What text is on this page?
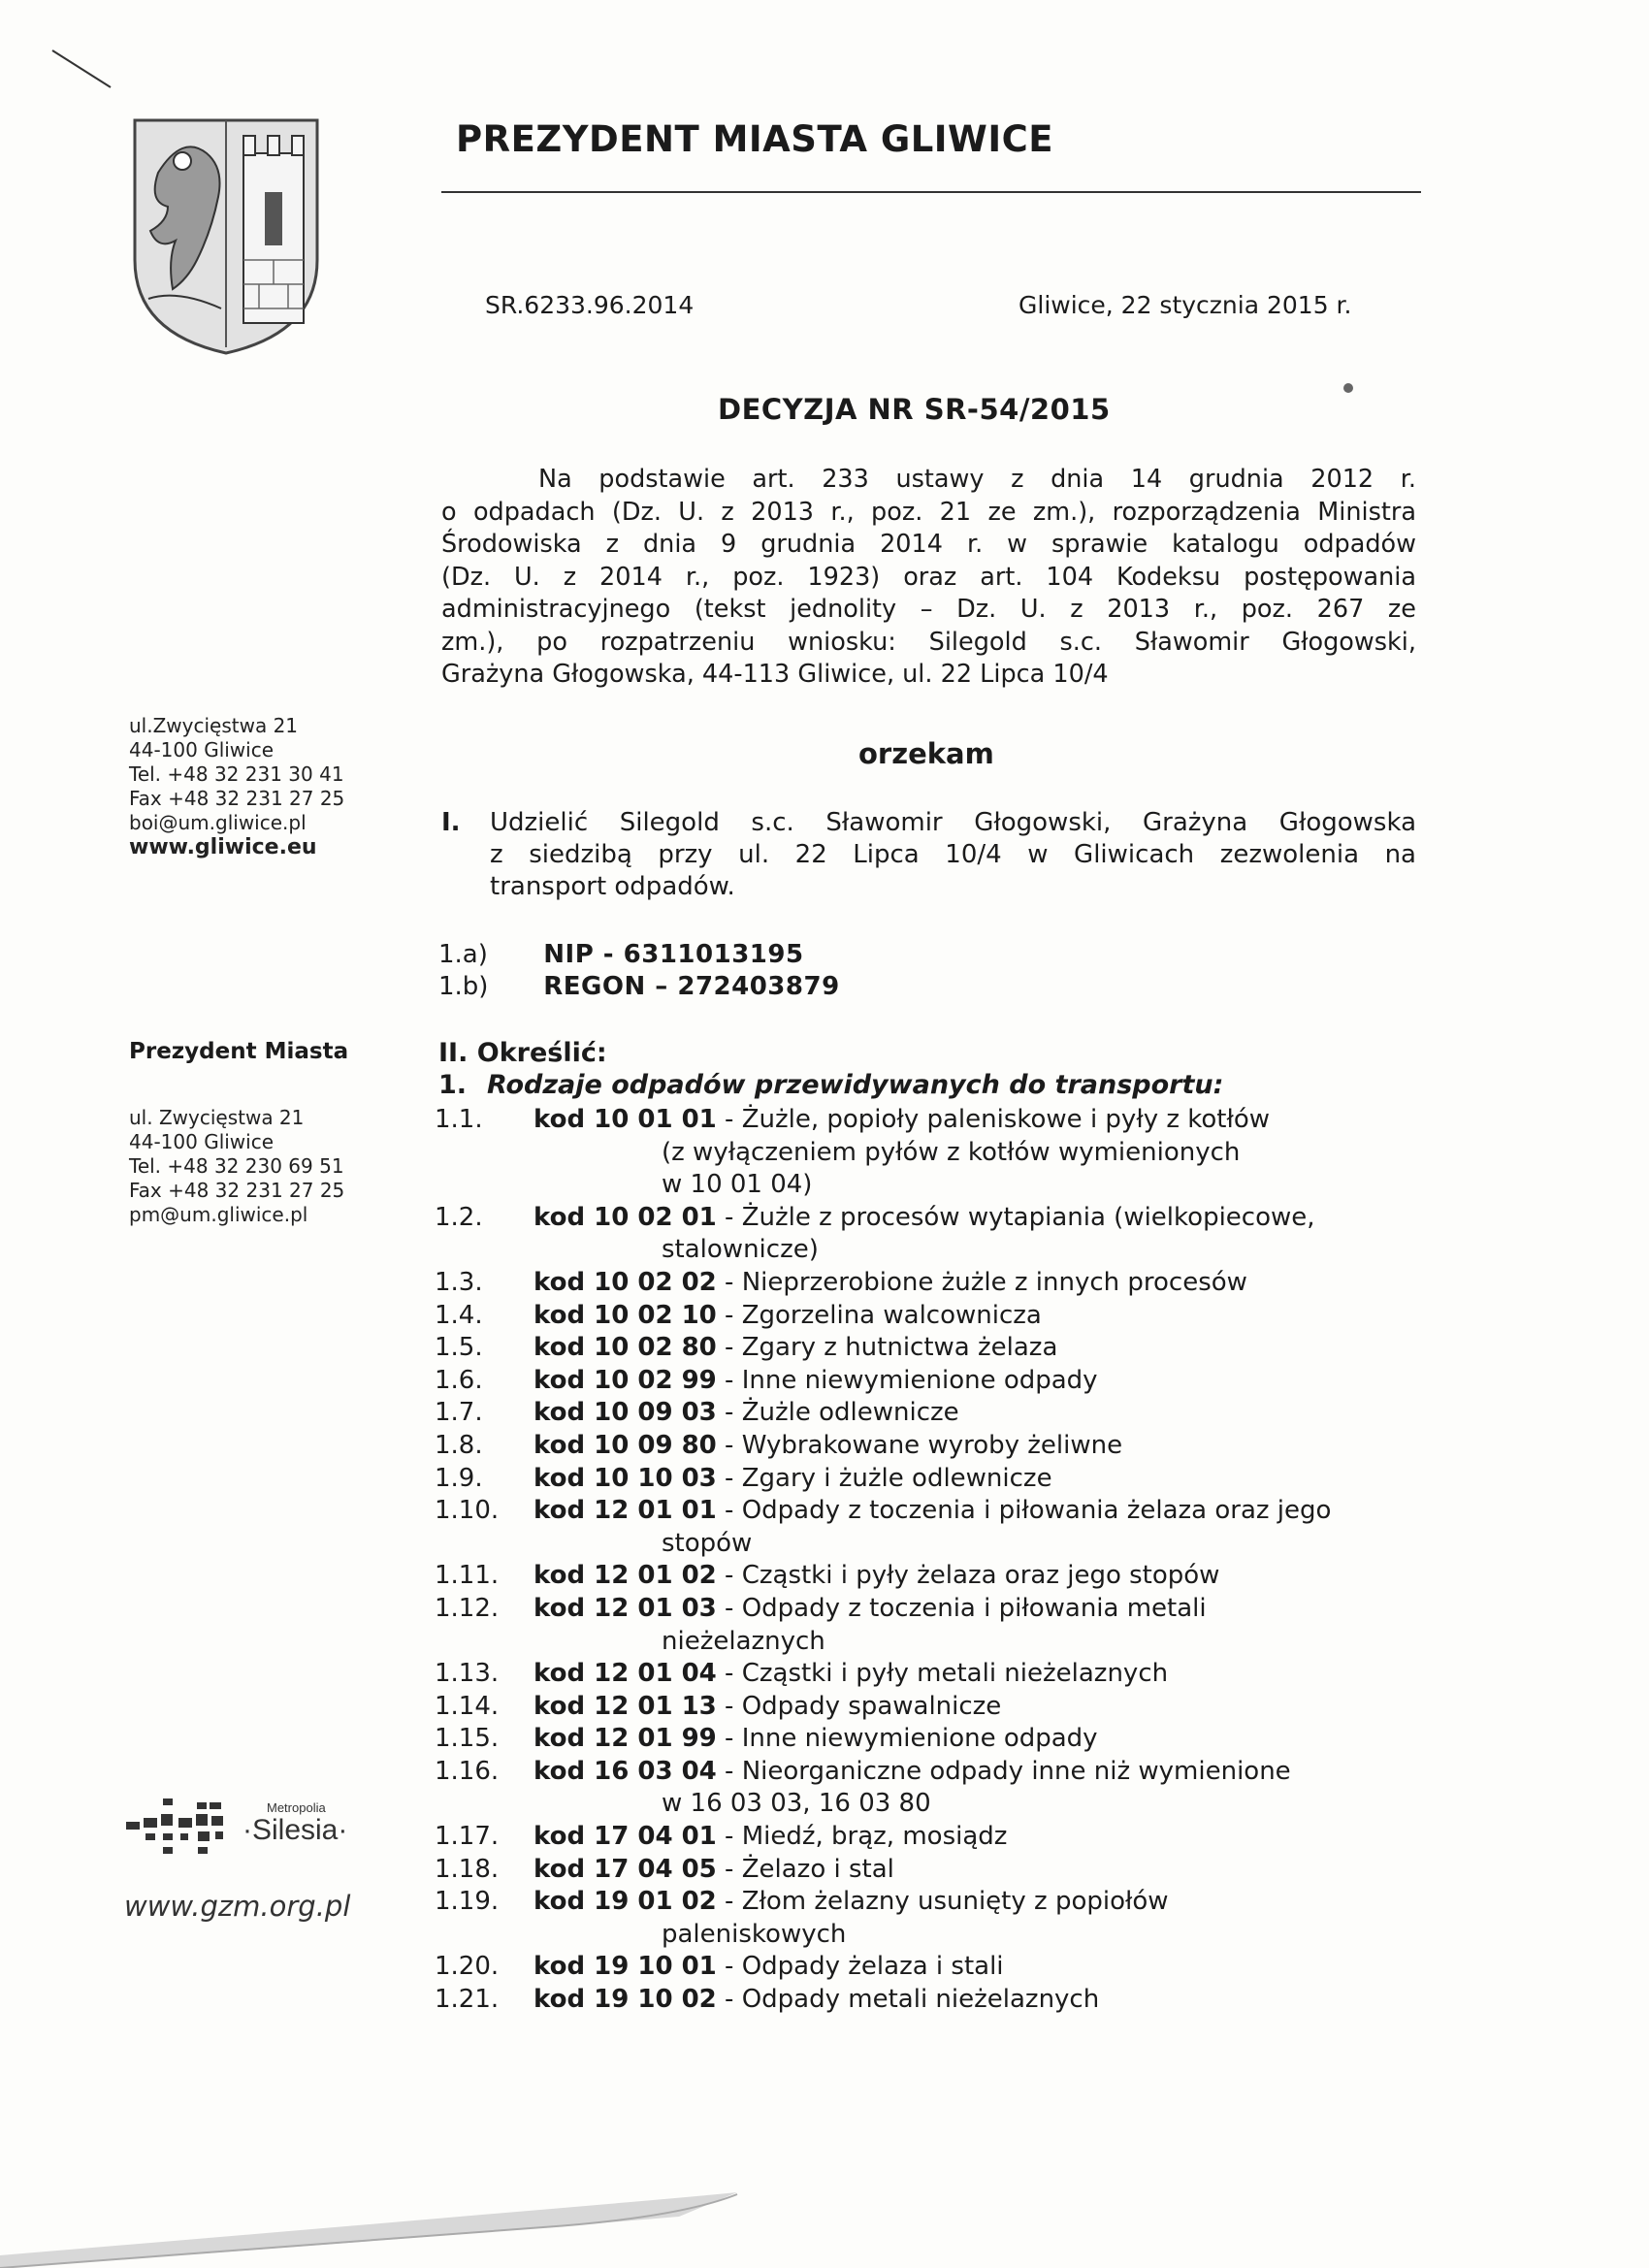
PREZYDENT MIASTA GLIWICE
SR.6233.96.2014	Gliwice, 22 stycznia 2015 r.
DECYZJA NR SR-54/2015
Na podstawie art. 233 ustawy z dnia 14 grudnia 2012 r.
o odpadach (Dz. U. z 2013 r., poz. 21 ze zm.), rozporządzenia Ministra
Środowiska z dnia 9 grudnia 2014 r. w sprawie katalogu odpadów
(Dz. U. z 2014 r., poz. 1923) oraz art. 104 Kodeksu postępowania
administracyjnego (tekst jednolity – Dz. U. z 2013 r., poz. 267 ze
zm.), po rozpatrzeniu wniosku: Silegold s.c. Sławomir Głogowski,
Grażyna Głogowska, 44-113 Gliwice, ul. 22 Lipca 10/4
orzekam
ul.Zwycięstwa 21
44-100 Gliwice
Tel. +48 32 231 30 41
Fax +48 32 231 27 25
boi@um.gliwice.pl
www.gliwice.eu
Prezydent Miasta
ul. Zwycięstwa 21
44-100 Gliwice
Tel. +48 32 230 69 51
Fax +48 32 231 27 25
pm@um.gliwice.pl
Metropolia
·Silesia·
www.gzm.org.pl
I. Udzielić Silegold s.c. Sławomir Głogowski, Grażyna Głogowska
z siedzibą przy ul. 22 Lipca 10/4 w Gliwicach zezwolenia na
transport odpadów.
1.a) NIP - 6311013195
1.b) REGON – 272403879
II. Określić:
1. Rodzaje odpadów przewidywanych do transportu:
1.1.	kod 10 01 01 - Żużle, popioły paleniskowe i pyły z kotłów
(z wyłączeniem pyłów z kotłów wymienionych
w 10 01 04)
1.2.	kod 10 02 01 - Żużle z procesów wytapiania (wielkopiecowe,
stalownicze)
1.3.	kod 10 02 02 - Nieprzerobione żużle z innych procesów
1.4.	kod 10 02 10 - Zgorzelina walcownicza
1.5.	kod 10 02 80 - Zgary z hutnictwa żelaza
1.6.	kod 10 02 99 - Inne niewymienione odpady
1.7.	kod 10 09 03 - Żużle odlewnicze
1.8.	kod 10 09 80 - Wybrakowane wyroby żeliwne
1.9.	kod 10 10 03 - Zgary i żużle odlewnicze
1.10.	kod 12 01 01 - Odpady z toczenia i piłowania żelaza oraz jego
stopów
1.11.	kod 12 01 02 - Cząstki i pyły żelaza oraz jego stopów
1.12.	kod 12 01 03 - Odpady z toczenia i piłowania metali
nieżelaznych
1.13.	kod 12 01 04 - Cząstki i pyły metali nieżelaznych
1.14.	kod 12 01 13 - Odpady spawalnicze
1.15.	kod 12 01 99 - Inne niewymienione odpady
1.16.	kod 16 03 04 - Nieorganiczne odpady inne niż wymienione
w 16 03 03, 16 03 80
1.17.	kod 17 04 01 - Miedź, brąz, mosiądz
1.18.	kod 17 04 05 - Żelazo i stal
1.19.	kod 19 01 02 - Złom żelazny usunięty z popiołów
paleniskowych
1.20.	kod 19 10 01 - Odpady żelaza i stali
1.21.	kod 19 10 02 - Odpady metali nieżelaznych
